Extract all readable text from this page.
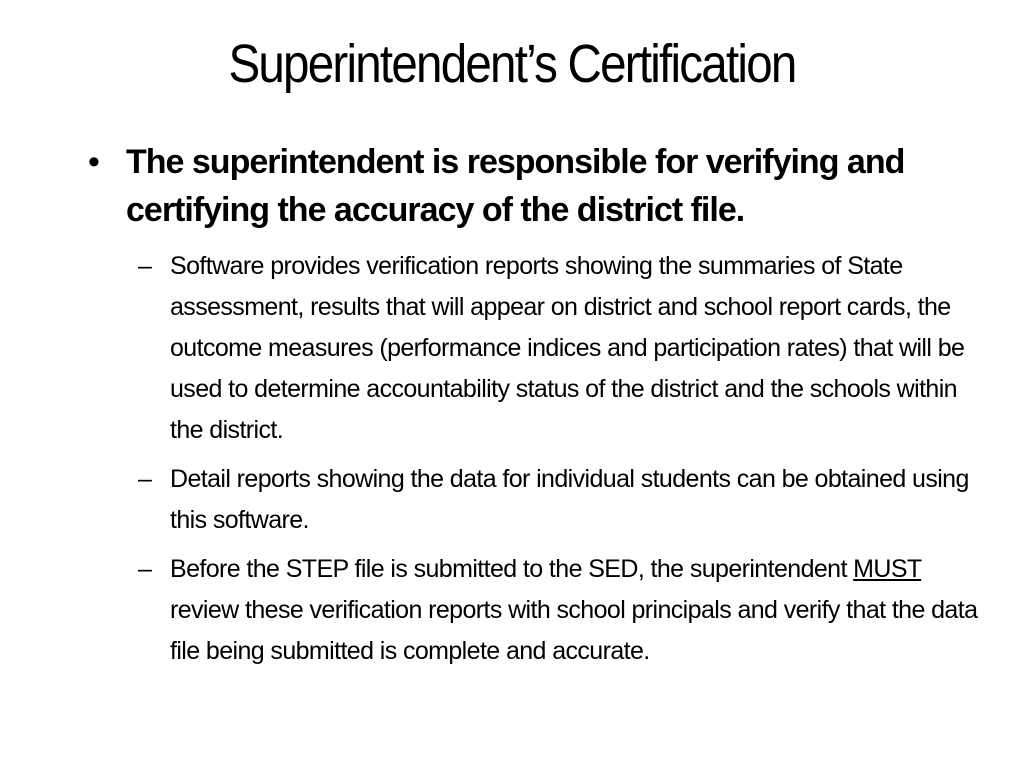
Superintendent’s Certification
• The superintendent is responsible for verifying and certifying the accuracy of the district file.
– Software provides verification reports showing the summaries of State assessment, results that will appear on district and school report cards, the outcome measures (performance indices and participation rates) that will be used to determine accountability status of the district and the schools within the district.
– Detail reports showing the data for individual students can be obtained using this software.
– Before the STEP file is submitted to the SED, the superintendent MUST review these verification reports with school principals and verify that the data file being submitted is complete and accurate.
